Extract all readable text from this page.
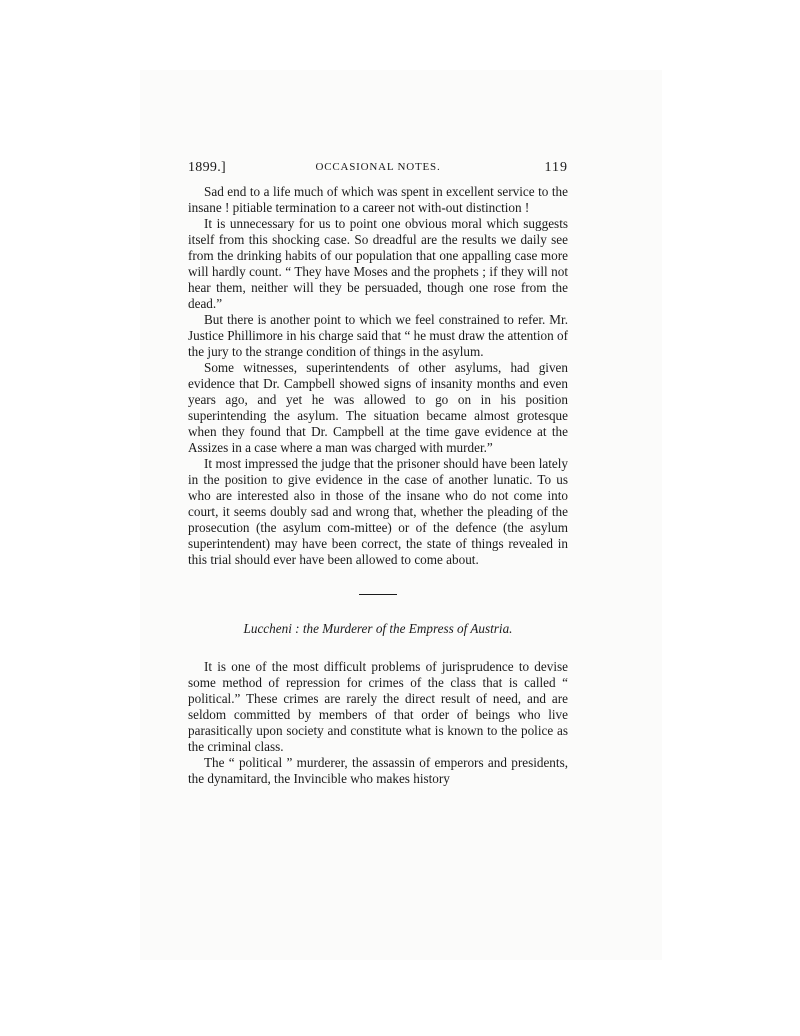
1899.]	OCCASIONAL NOTES.	119

Sad end to a life much of which was spent in excellent service to the insane ! pitiable termination to a career not with-out distinction !

It is unnecessary for us to point one obvious moral which suggests itself from this shocking case. So dreadful are the results we daily see from the drinking habits of our population that one appalling case more will hardly count. “ They have Moses and the prophets ; if they will not hear them, neither will they be persuaded, though one rose from the dead.”

But there is another point to which we feel constrained to refer. Mr. Justice Phillimore in his charge said that “ he must draw the attention of the jury to the strange condition of things in the asylum.

Some witnesses, superintendents of other asylums, had given evidence that Dr. Campbell showed signs of insanity months and even years ago, and yet he was allowed to go on in his position superintending the asylum. The situation became almost grotesque when they found that Dr. Campbell at the time gave evidence at the Assizes in a case where a man was charged with murder.”

It most impressed the judge that the prisoner should have been lately in the position to give evidence in the case of another lunatic. To us who are interested also in those of the insane who do not come into court, it seems doubly sad and wrong that, whether the pleading of the prosecution (the asylum com-mittee) or of the defence (the asylum superintendent) may have been correct, the state of things revealed in this trial should ever have been allowed to come about.

Luccheni : the Murderer of the Empress of Austria.

It is one of the most difficult problems of jurisprudence to devise some method of repression for crimes of the class that is called “ political.” These crimes are rarely the direct result of need, and are seldom committed by members of that order of beings who live parasitically upon society and constitute what is known to the police as the criminal class.

The “ political ” murderer, the assassin of emperors and presidents, the dynamitard, the Invincible who makes history
